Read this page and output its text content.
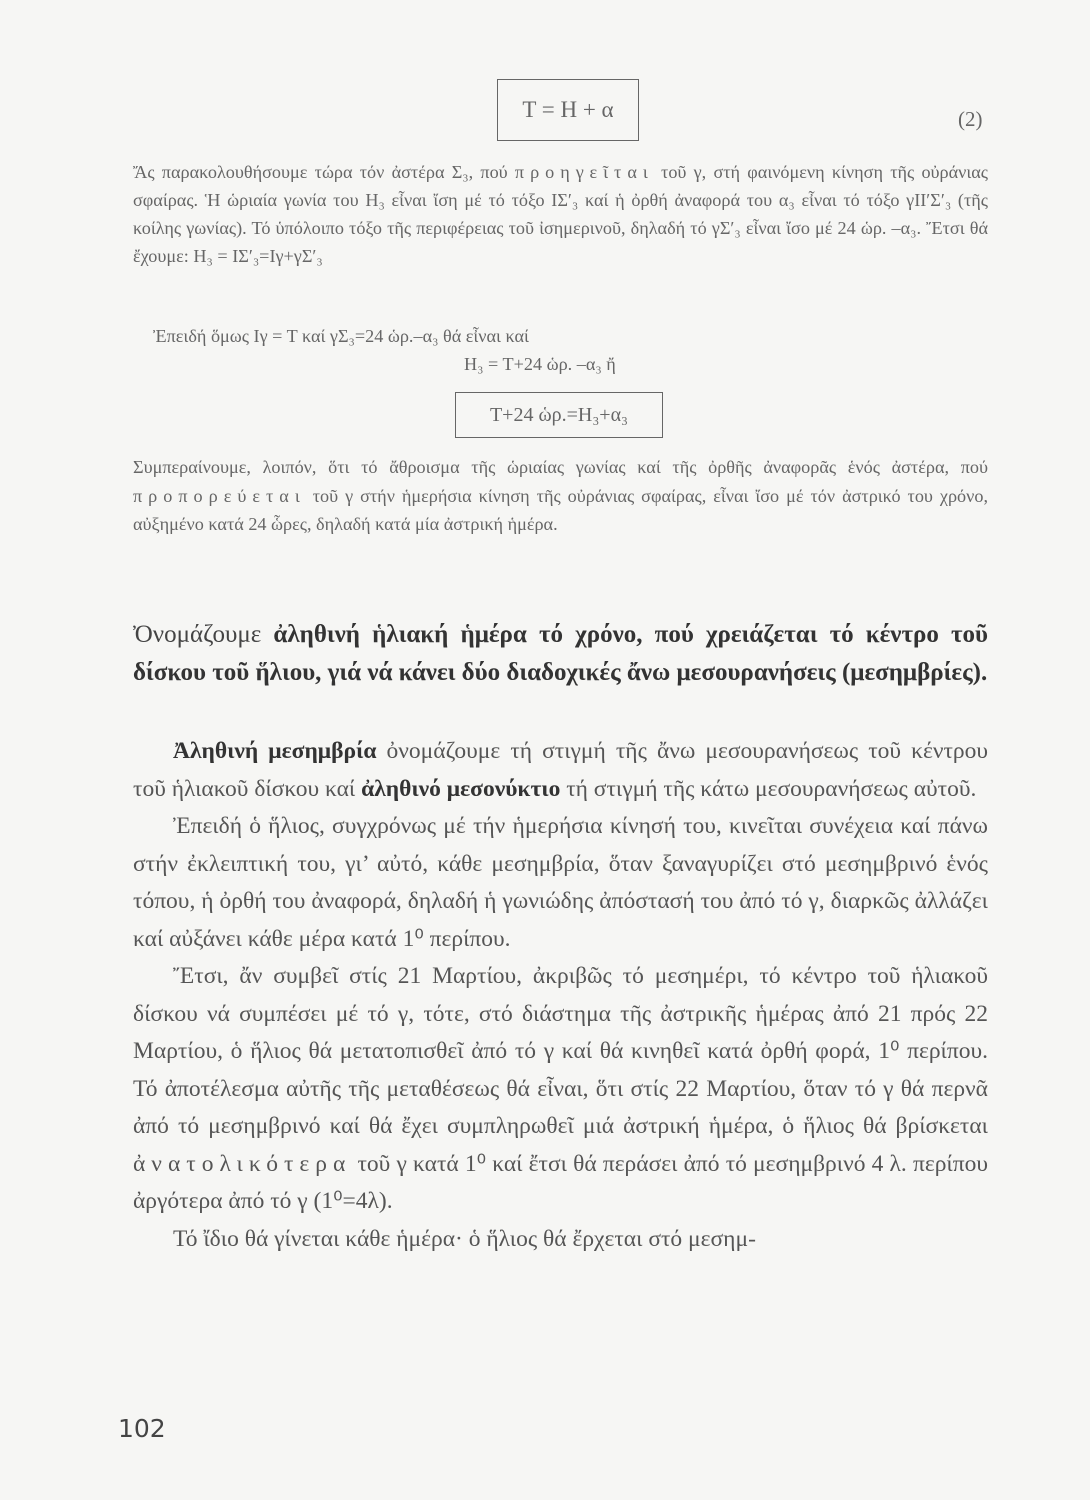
T = H + α	(2)

Ἄς παρακολουθήσουμε τώρα τόν ἀστέρα Σ₃, πού προηγεῖται τοῦ γ, στή φαινόμενη κίνηση τῆς οὐράνιας σφαίρας. Ἡ ὡριαία γωνία του Η₃ εἶναι ἴση μέ τό τόξο ΙΣ′₃ καί ἡ ὀρθή ἀναφορά του α₃ εἶναι τό τόξο γΙΙ′Σ′₃ (τῆς κοίλης γωνίας). Τό ὑπόλοιπο τόξο τῆς περιφέρειας τοῦ ἰσημερινοῦ, δηλαδή τό γΣ′₃ εἶναι ἴσο μέ 24 ὡρ. –α₃. Ἔτσι θά ἔχουμε: Η₃ = ΙΣ′₃=Ιγ+γΣ′₃

Ἐπειδή ὅμως Ιγ = Τ καί γΣ₃=24 ὡρ.–α₃ θά εἶναι καί
Η₃ = Τ+24 ὡρ. –α₃ ἤ
T+24 ὡρ.=H₃+α₃

Συμπεραίνουμε, λοιπόν, ὅτι τό ἄθροισμα τῆς ὡριαίας γωνίας καί τῆς ὀρθῆς ἀναφορᾶς ἑνός ἀστέρα, πού προπορεύεται τοῦ γ στήν ἡμερήσια κίνηση τῆς οὐράνιας σφαίρας, εἶναι ἴσο μέ τόν ἀστρικό του χρόνο, αὐξημένο κατά 24 ὧρες, δηλαδή κατά μία ἀστρική ἡμέρα.

Ὀνομάζουμε ἀληθινή ἡλιακή ἡμέρα τό χρόνο, πού χρειάζεται τό κέντρο τοῦ δίσκου τοῦ ἥλιου, γιά νά κάνει δύο διαδοχικές ἄνω μεσουρανήσεις (μεσημβρίες).

Ἀληθινή μεσημβρία ὀνομάζουμε τή στιγμή τῆς ἄνω μεσουρανήσεως τοῦ κέντρου τοῦ ἡλιακοῦ δίσκου καί ἀληθινό μεσονύκτιο τή στιγμή τῆς κάτω μεσουρανήσεως αὐτοῦ.

Ἐπειδή ὁ ἥλιος, συγχρόνως μέ τήν ἡμερήσια κίνησή του, κινεῖται συνέχεια καί πάνω στήν ἐκλειπτική του, γι’ αὐτό, κάθε μεσημβρία, ὅταν ξαναγυρίζει στό μεσημβρινό ἑνός τόπου, ἡ ὀρθή του ἀναφορά, δηλαδή ἡ γωνιώδης ἀπόστασή του ἀπό τό γ, διαρκῶς ἀλλάζει καί αὐξάνει κάθε μέρα κατά 1⁰ περίπου.

Ἔτσι, ἄν συμβεῖ στίς 21 Μαρτίου, ἀκριβῶς τό μεσημέρι, τό κέντρο τοῦ ἡλιακοῦ δίσκου νά συμπέσει μέ τό γ, τότε, στό διάστημα τῆς ἀστρικῆς ἡμέρας ἀπό 21 πρός 22 Μαρτίου, ὁ ἥλιος θά μετατοπισθεῖ ἀπό τό γ καί θά κινηθεῖ κατά ὀρθή φορά, 1⁰ περίπου. Τό ἀποτέλεσμα αὐτῆς τῆς μεταθέσεως θά εἶναι, ὅτι στίς 22 Μαρτίου, ὅταν τό γ θά περνᾶ ἀπό τό μεσημβρινό καί θά ἔχει συμπληρωθεῖ μιά ἀστρική ἡμέρα, ὁ ἥλιος θά βρίσκεται ἀνατολικότερα τοῦ γ κατά 1⁰ καί ἔτσι θά περάσει ἀπό τό μεσημβρινό 4 λ. περίπου ἀργότερα ἀπό τό γ (1⁰=4λ).

Τό ἴδιο θά γίνεται κάθε ἡμέρα· ὁ ἥλιος θά ἔρχεται στό μεσημ-

102
